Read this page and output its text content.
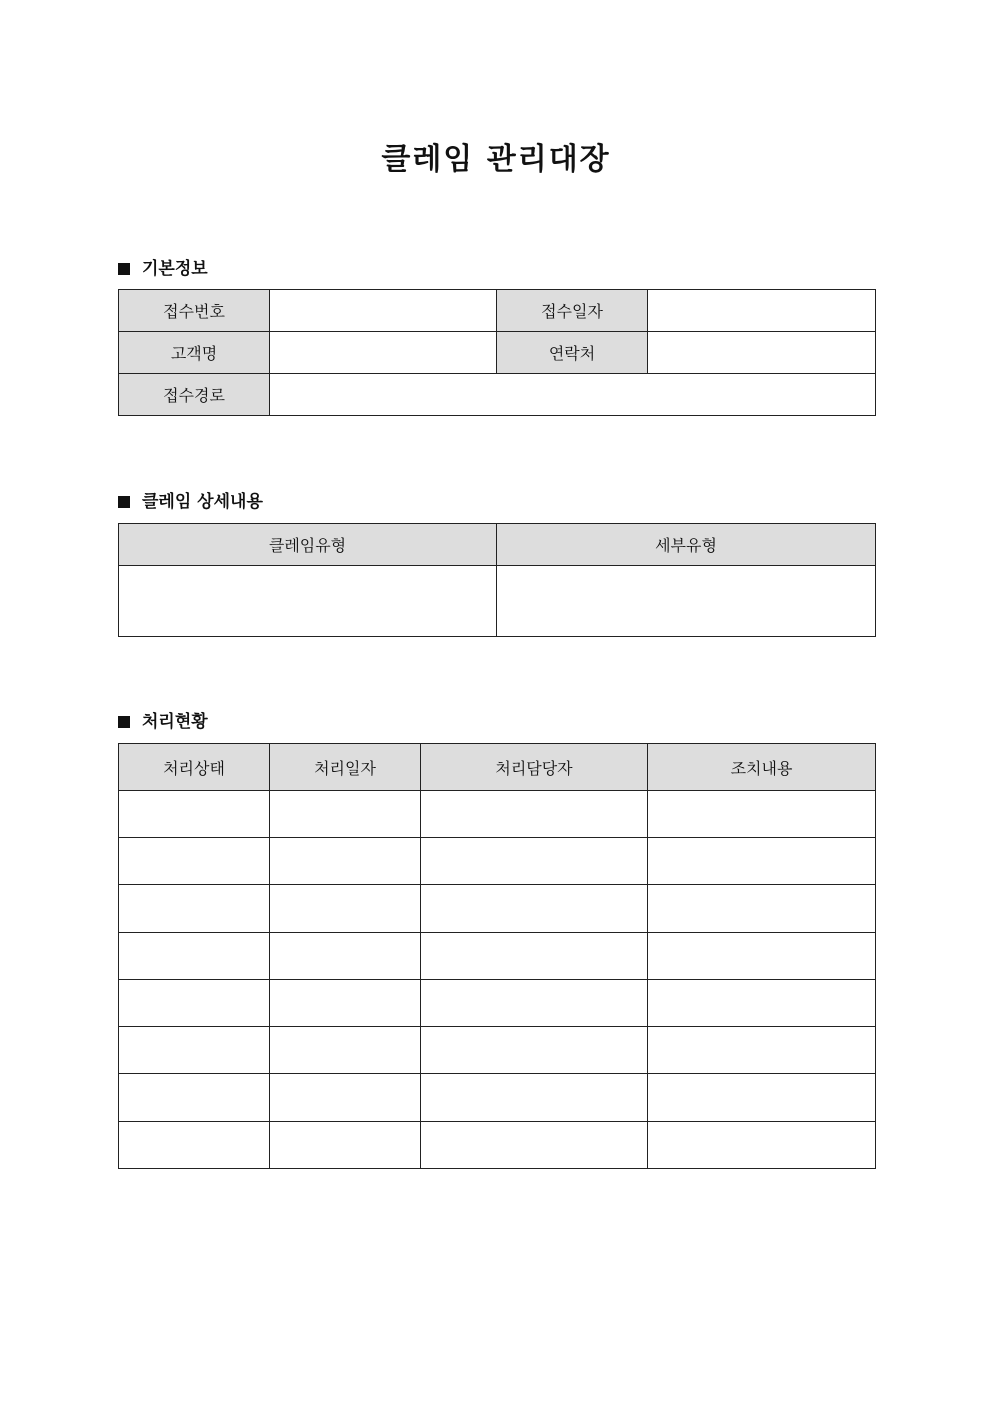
클레임 관리대장
기본정보
접수번호		접수일자	
고객명		연락처	
접수경로			
클레임 상세내용
클레임유형	세부유형

처리현황
처리상태	처리일자	처리담당자	조치내용
